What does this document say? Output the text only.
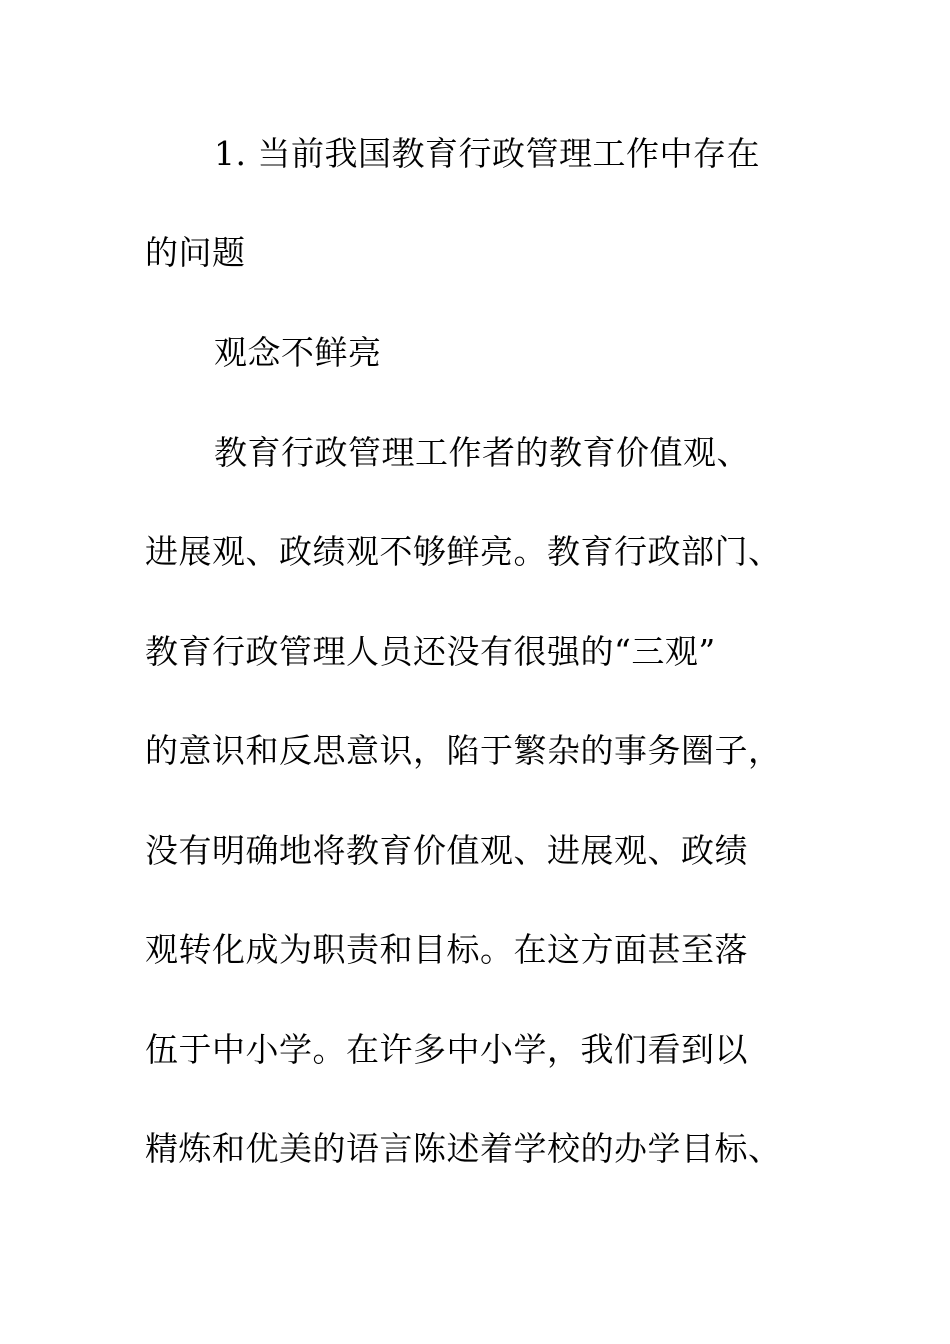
1. 当前我国教育行政管理工作中存在
的问题
观念不鲜亮
教育行政管理工作者的教育价值观、
进展观、政绩观不够鲜亮。教育行政部门、
教育行政管理人员还没有很强的“三观”
的意识和反思意识，陷于繁杂的事务圈子，
没有明确地将教育价值观、进展观、政绩
观转化成为职责和目标。在这方面甚至落
伍于中小学。在许多中小学，我们看到以
精炼和优美的语言陈述着学校的办学目标、
